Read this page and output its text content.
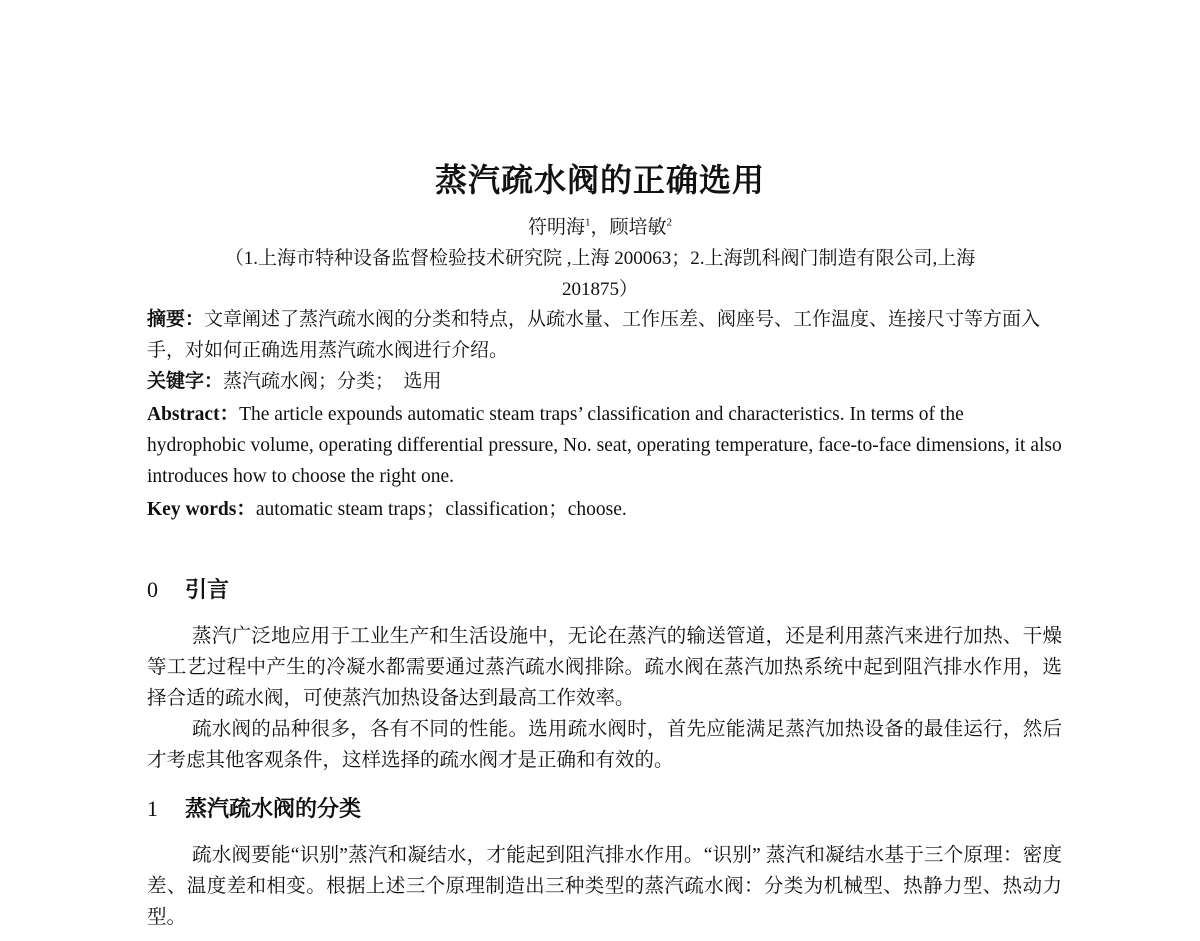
蒸汽疏水阀的正确选用
符明海$^1$，顾培敏$^2$
（1.上海市特种设备监督检验技术研究院 ,上海 200063；2.上海凯科阀门制造有限公司,上海
201875）
摘要：文章阐述了蒸汽疏水阀的分类和特点，从疏水量、工作压差、阀座号、工作温度、连接尺寸等方面入手，对如何正确选用蒸汽疏水阀进行介绍。
关键字：蒸汽疏水阀；分类；  选用
Abstract：The article expounds automatic steam traps’ classification and characteristics. In terms of the hydrophobic volume, operating differential pressure, No. seat, operating temperature, face-to-face dimensions, it also introduces how to choose the right one.
Key words：automatic steam traps；classification；choose.
0 引言
蒸汽广泛地应用于工业生产和生活设施中，无论在蒸汽的输送管道，还是利用蒸汽来进行加热、干燥等工艺过程中产生的冷凝水都需要通过蒸汽疏水阀排除。疏水阀在蒸汽加热系统中起到阻汽排水作用，选择合适的疏水阀，可使蒸汽加热设备达到最高工作效率。
疏水阀的品种很多，各有不同的性能。选用疏水阀时，首先应能满足蒸汽加热设备的最佳运行，然后才考虑其他客观条件，这样选择的疏水阀才是正确和有效的。
1 蒸汽疏水阀的分类
疏水阀要能“识别”蒸汽和凝结水，才能起到阻汽排水作用。“识别” 蒸汽和凝结水基于三个原理：密度差、温度差和相变。根据上述三个原理制造出三种类型的蒸汽疏水阀：分类为机械型、热静力型、热动力型。
